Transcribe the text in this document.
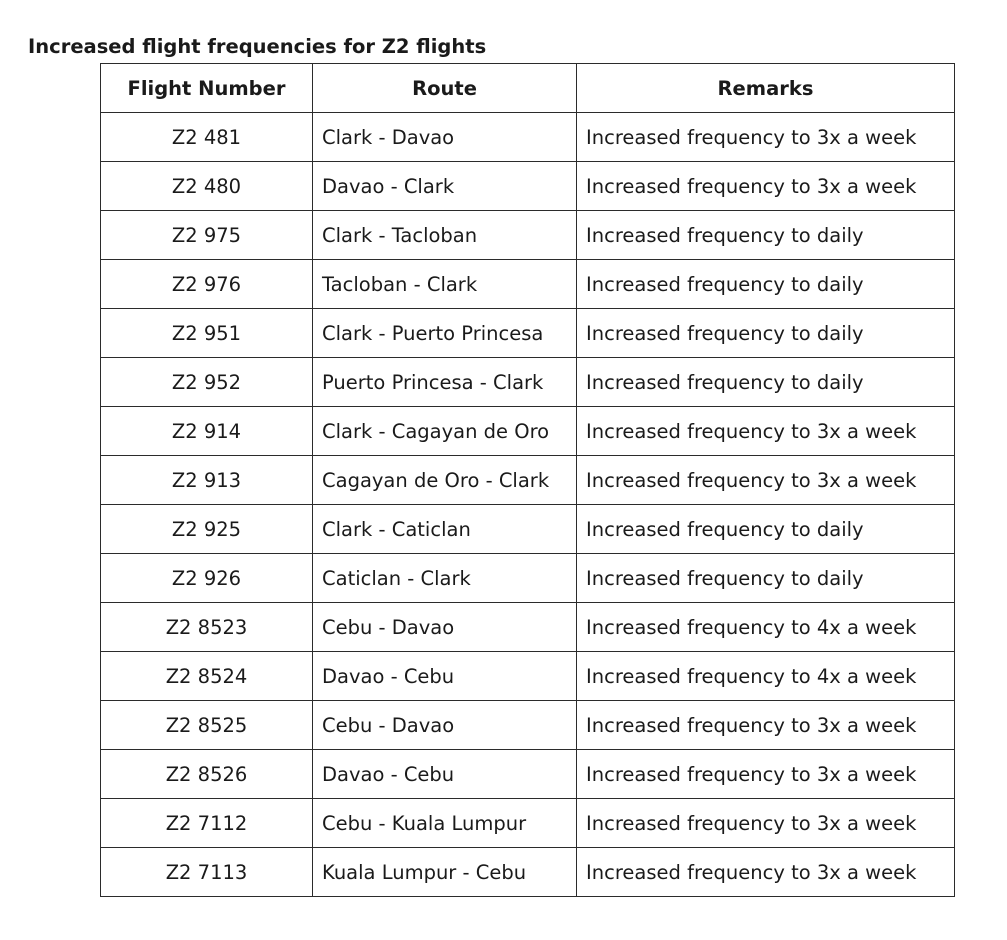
Increased flight frequencies for Z2 flights
Flight Number	Route	Remarks
Z2 481	Clark - Davao	Increased frequency to 3x a week
Z2 480	Davao - Clark	Increased frequency to 3x a week
Z2 975	Clark - Tacloban	Increased frequency to daily
Z2 976	Tacloban - Clark	Increased frequency to daily
Z2 951	Clark - Puerto Princesa	Increased frequency to daily
Z2 952	Puerto Princesa - Clark	Increased frequency to daily
Z2 914	Clark - Cagayan de Oro	Increased frequency to 3x a week
Z2 913	Cagayan de Oro - Clark	Increased frequency to 3x a week
Z2 925	Clark - Caticlan	Increased frequency to daily
Z2 926	Caticlan - Clark	Increased frequency to daily
Z2 8523	Cebu - Davao	Increased frequency to 4x a week
Z2 8524	Davao - Cebu	Increased frequency to 4x a week
Z2 8525	Cebu - Davao	Increased frequency to 3x a week
Z2 8526	Davao - Cebu	Increased frequency to 3x a week
Z2 7112	Cebu - Kuala Lumpur	Increased frequency to 3x a week
Z2 7113	Kuala Lumpur - Cebu	Increased frequency to 3x a week
